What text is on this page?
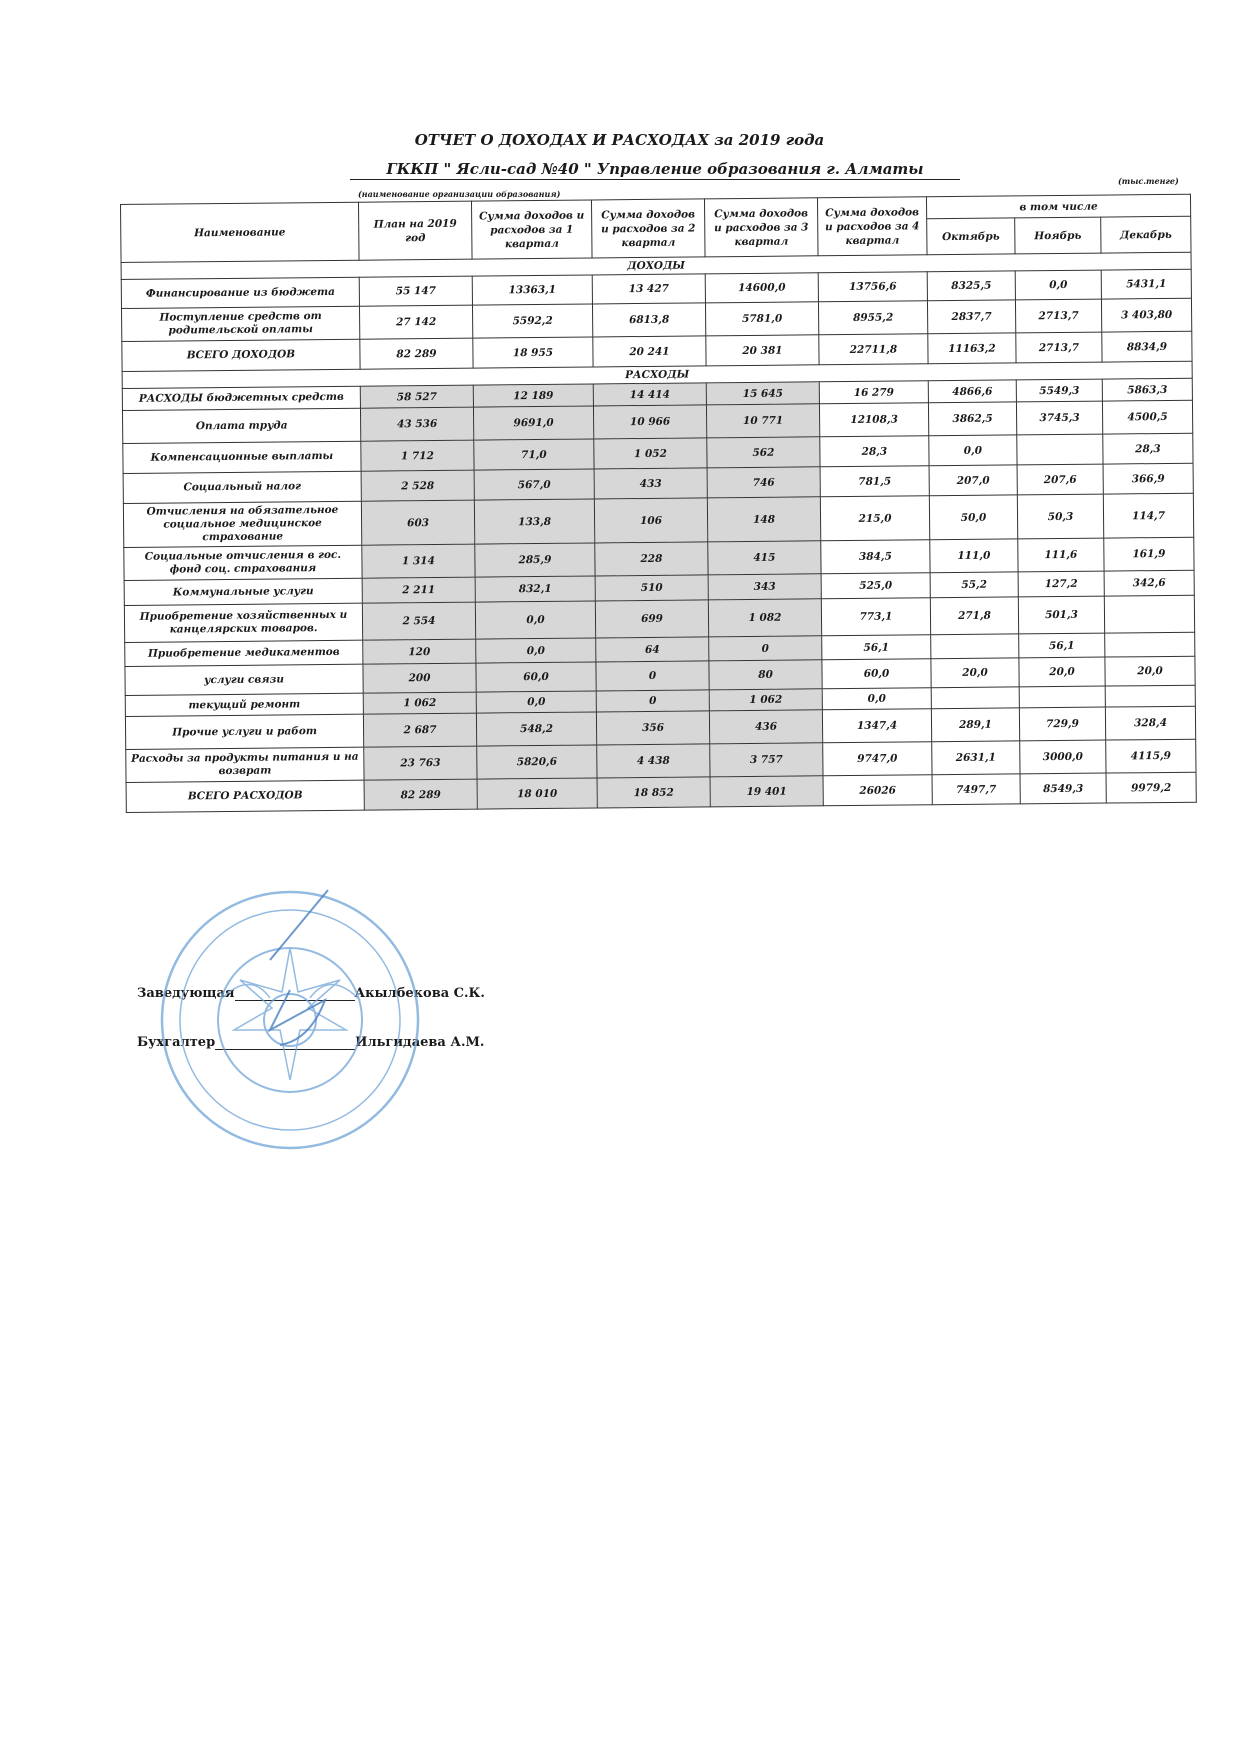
ОТЧЕТ О ДОХОДАХ И РАСХОДАХ за 2019 года
ГККП " Ясли-сад №40 " Управление образования г. Алматы
(наименование организации образования)
(тыс.тенге)
Наименование	План на 2019 год	Сумма доходов и расходов за 1 квартал	Сумма доходов и расходов за 2 квартал	Сумма доходов и расходов за 3 квартал	Сумма доходов и расходов за 4 квартал	в том числе		
						Октябрь	Ноябрь	Декабрь
ДОХОДЫ								
Финансирование из бюджета	55 147	13363,1	13 427	14600,0	13756,6	8325,5	0,0	5431,1
Поступление средств от родительской оплаты	27 142	5592,2	6813,8	5781,0	8955,2	2837,7	2713,7	3 403,80
ВСЕГО ДОХОДОВ	82 289	18 955	20 241	20 381	22711,8	11163,2	2713,7	8834,9
РАСХОДЫ								
РАСХОДЫ бюджетных средств	58 527	12 189	14 414	15 645	16 279	4866,6	5549,3	5863,3
Оплата труда	43 536	9691,0	10 966	10 771	12108,3	3862,5	3745,3	4500,5
Компенсационные выплаты	1 712	71,0	1 052	562	28,3	0,0		28,3
Социальный налог	2 528	567,0	433	746	781,5	207,0	207,6	366,9
Отчисления на обязательное социальное медицинское страхование	603	133,8	106	148	215,0	50,0	50,3	114,7
Социальные отчисления в гос. фонд соц. страхования	1 314	285,9	228	415	384,5	111,0	111,6	161,9
Коммунальные услуги	2 211	832,1	510	343	525,0	55,2	127,2	342,6
Приобретение хозяйственных и канцелярских товаров.	2 554	0,0	699	1 082	773,1	271,8	501,3	
Приобретение медикаментов	120	0,0	64	0	56,1		56,1	
услуги связи	200	60,0	0	80	60,0	20,0	20,0	20,0
текущий ремонт	1 062	0,0	0	1 062	0,0			
Прочие услуги и работ	2 687	548,2	356	436	1347,4	289,1	729,9	328,4
Расходы за продукты питания и на возврат	23 763	5820,6	4 438	3 757	9747,0	2631,1	3000,0	4115,9
ВСЕГО РАСХОДОВ	82 289	18 010	18 852	19 401	26026	7497,7	8549,3	9979,2
Заведующая	Акылбекова С.К.
Бухгалтер	Ильгидаева А.М.
